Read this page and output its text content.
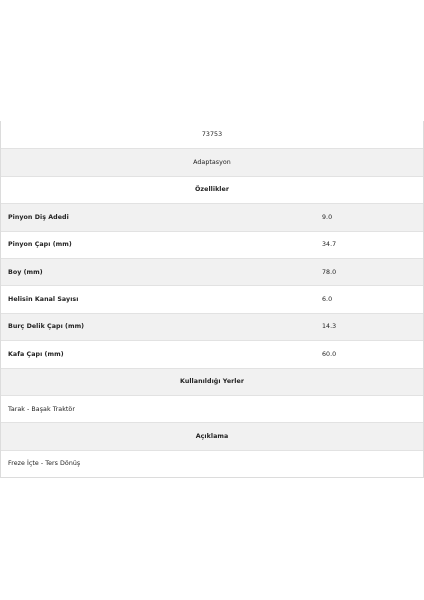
73753
Adaptasyon
Özellikler
Pinyon Diş Adedi	9.0
Pinyon Çapı (mm)	34.7
Boy (mm)	78.0
Helisin Kanal Sayısı	6.0
Burç Delik Çapı (mm)	14.3
Kafa Çapı (mm)	60.0
Kullanıldığı Yerler
Tarak - Başak Traktör
Açıklama
Freze İçte - Ters Dönüş
